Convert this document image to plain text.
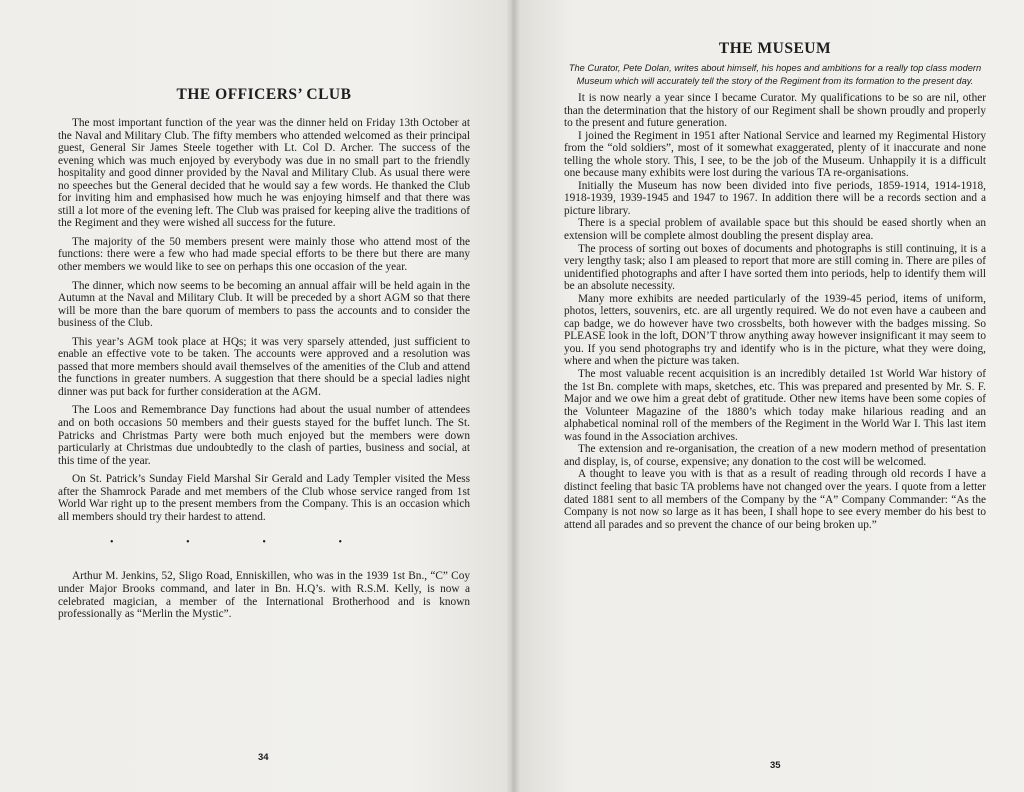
THE OFFICERS’ CLUB

The most important function of the year was the dinner held on Friday 13th October at the Naval and Military Club. The fifty members who attended welcomed as their principal guest, General Sir James Steele together with Lt. Col D. Archer. The success of the evening which was much enjoyed by everybody was due in no small part to the friendly hospitality and good dinner provided by the Naval and Military Club. As usual there were no speeches but the General decided that he would say a few words. He thanked the Club for inviting him and emphasised how much he was enjoying himself and that there was still a lot more of the evening left. The Club was praised for keeping alive the traditions of the Regiment and they were wished all success for the future.

The majority of the 50 members present were mainly those who attend most of the functions: there were a few who had made special efforts to be there but there are many other members we would like to see on perhaps this one occasion of the year.

The dinner, which now seems to be becoming an annual affair will be held again in the Autumn at the Naval and Military Club. It will be preceded by a short AGM so that there will be more than the bare quorum of members to pass the accounts and to consider the business of the Club.

This year’s AGM took place at HQs; it was very sparsely attended, just sufficient to enable an effective vote to be taken. The accounts were approved and a resolution was passed that more members should avail themselves of the amenities of the Club and attend the functions in greater numbers. A suggestion that there should be a special ladies night dinner was put back for further consideration at the AGM.

The Loos and Remembrance Day functions had about the usual number of attendees and on both occasions 50 members and their guests stayed for the buffet lunch. The St. Patricks and Christmas Party were both much enjoyed but the members were down particularly at Christmas due undoubtedly to the clash of parties, business and social, at this time of the year.

On St. Patrick’s Sunday Field Marshal Sir Gerald and Lady Templer visited the Mess after the Shamrock Parade and met members of the Club whose service ranged from 1st World War right up to the present members from the Company. This is an occasion which all members should try their hardest to attend.

•	•	•	•

Arthur M. Jenkins, 52, Sligo Road, Enniskillen, who was in the 1939 1st Bn., “C” Coy under Major Brooks command, and later in Bn. H.Q’s. with R.S.M. Kelly, is now a celebrated magician, a member of the International Brotherhood and is known professionally as “Merlin the Mystic”.

34
THE MUSEUM
The Curator, Pete Dolan, writes about himself, his hopes and ambitions for a really top class modern Museum which will accurately tell the story of the Regiment from its formation to the present day.

It is now nearly a year since I became Curator. My qualifications to be so are nil, other than the determination that the history of our Regiment shall be shown proudly and properly to the present and future generation.

I joined the Regiment in 1951 after National Service and learned my Regimental History from the “old soldiers”, most of it somewhat exaggerated, plenty of it inaccurate and none telling the whole story. This, I see, to be the job of the Museum. Unhappily it is a difficult one because many exhibits were lost during the various TA re-organisations.

Initially the Museum has now been divided into five periods, 1859-1914, 1914-1918, 1918-1939, 1939-1945 and 1947 to 1967. In addition there will be a records section and a picture library.

There is a special problem of available space but this should be eased shortly when an extension will be complete almost doubling the present display area.

The process of sorting out boxes of documents and photographs is still continuing, it is a very lengthy task; also I am pleased to report that more are still coming in. There are piles of unidentified photographs and after I have sorted them into periods, help to identify them will be an absolute necessity.

Many more exhibits are needed particularly of the 1939-45 period, items of uniform, photos, letters, souvenirs, etc. are all urgently required. We do not even have a caubeen and cap badge, we do however have two crossbelts, both however with the badges missing. So PLEASE look in the loft, DON’T throw anything away however insignificant it may seem to you. If you send photographs try and identify who is in the picture, what they were doing, where and when the picture was taken.

The most valuable recent acquisition is an incredibly detailed 1st World War history of the 1st Bn. complete with maps, sketches, etc. This was prepared and presented by Mr. S. F. Major and we owe him a great debt of gratitude. Other new items have been some copies of the Volunteer Magazine of the 1880’s which today make hilarious reading and an alphabetical nominal roll of the members of the Regiment in the World War I. This last item was found in the Association archives.

The extension and re-organisation, the creation of a new modern method of presentation and display, is, of course, expensive; any donation to the cost will be welcomed.

A thought to leave you with is that as a result of reading through old records I have a distinct feeling that basic TA problems have not changed over the years. I quote from a letter dated 1881 sent to all members of the Company by the “A” Company Commander: “As the Company is not now so large as it has been, I shall hope to see every member do his best to attend all parades and so prevent the chance of our being broken up.”

35
